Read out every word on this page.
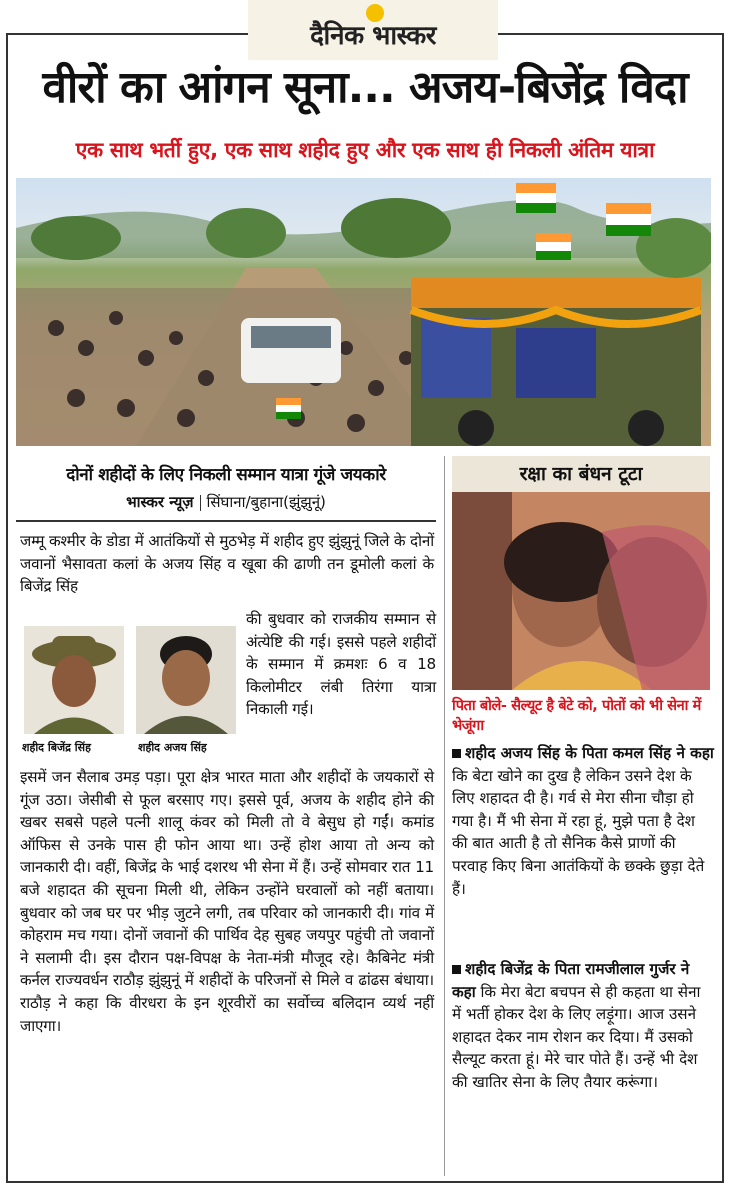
दैनिक भास्कर
वीरों का आंगन सूना... अजय-बिजेंद्र विदा
एक साथ भर्ती हुए, एक साथ शहीद हुए और एक साथ ही निकली अंतिम यात्रा
दोनों शहीदों के लिए निकली सम्मान यात्रा गूंजे जयकारे
भास्कर न्यूज़ सिंघाना/बुहाना(झुंझुनूं)
जम्मू कश्मीर के डोडा में आतंकियों से मुठभेड़ में शहीद हुए झुंझुनूं जिले के दोनों जवानों भैसावता कलां के अजय सिंह व खूबा की ढाणी तन डूमोली कलां के बिजेंद्र सिंह
शहीद बिजेंद्र सिंह	शहीद अजय सिंह
की बुधवार को राजकीय सम्मान से अंत्येष्टि की गई। इससे पहले शहीदों के सम्मान में क्रमशः 6 व 18 किलोमीटर लंबी तिरंगा यात्रा निकाली गई।
इसमें जन सैलाब उमड़ पड़ा। पूरा क्षेत्र भारत माता और शहीदों के जयकारों से गूंज उठा। जेसीबी से फूल बरसाए गए। इससे पूर्व, अजय के शहीद होने की खबर सबसे पहले पत्नी शालू कंवर को मिली तो वे बेसुध हो गईं। कमांड ऑफिस से उनके पास ही फोन आया था। उन्हें होश आया तो अन्य को जानकारी दी। वहीं, बिजेंद्र के भाई दशरथ भी सेना में हैं। उन्हें सोमवार रात 11 बजे शहादत की सूचना मिली थी, लेकिन उन्होंने घरवालों को नहीं बताया। बुधवार को जब घर पर भीड़ जुटने लगी, तब परिवार को जानकारी दी। गांव में कोहराम मच गया। दोनों जवानों की पार्थिव देह सुबह जयपुर पहुंची तो जवानों ने सलामी दी। इस दौरान पक्ष-विपक्ष के नेता-मंत्री मौजूद रहे। कैबिनेट मंत्री कर्नल राज्यवर्धन राठौड़ झुंझुनूं में शहीदों के परिजनों से मिले व ढांढस बंधाया। राठौड़ ने कहा कि वीरधरा के इन शूरवीरों का सर्वोच्च बलिदान व्यर्थ नहीं जाएगा।
रक्षा का बंधन टूटा
पिता बोले- सैल्यूट है बेटे को, पोतों को भी सेना में भेजूंगा
शहीद अजय सिंह के पिता कमल सिंह ने कहा कि बेटा खोने का दुख है लेकिन उसने देश के लिए शहादत दी है। गर्व से मेरा सीना चौड़ा हो गया है। मैं भी सेना में रहा हूं, मुझे पता है देश की बात आती है तो सैनिक कैसे प्राणों की परवाह किए बिना आतंकियों के छक्के छुड़ा देते हैं।
शहीद बिजेंद्र के पिता रामजीलाल गुर्जर ने कहा कि मेरा बेटा बचपन से ही कहता था सेना में भर्ती होकर देश के लिए लड़ूंगा। आज उसने शहादत देकर नाम रोशन कर दिया। मैं उसको सैल्यूट करता हूं। मेरे चार पोते हैं। उन्हें भी देश की खातिर सेना के लिए तैयार करूंगा।
